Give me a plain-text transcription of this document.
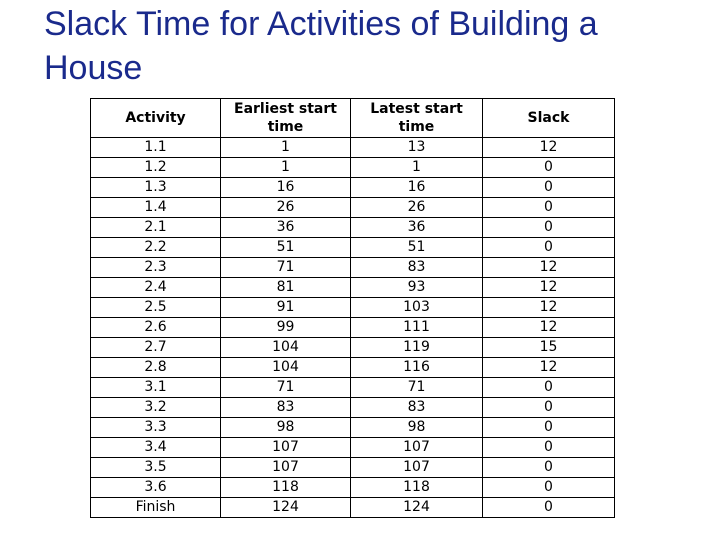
Slack Time for Activities of Building a House
Activity	Earliest start time	Latest start time	Slack
1.1	1	13	12
1.2	1	1	0
1.3	16	16	0
1.4	26	26	0
2.1	36	36	0
2.2	51	51	0
2.3	71	83	12
2.4	81	93	12
2.5	91	103	12
2.6	99	111	12
2.7	104	119	15
2.8	104	116	12
3.1	71	71	0
3.2	83	83	0
3.3	98	98	0
3.4	107	107	0
3.5	107	107	0
3.6	118	118	0
Finish	124	124	0
